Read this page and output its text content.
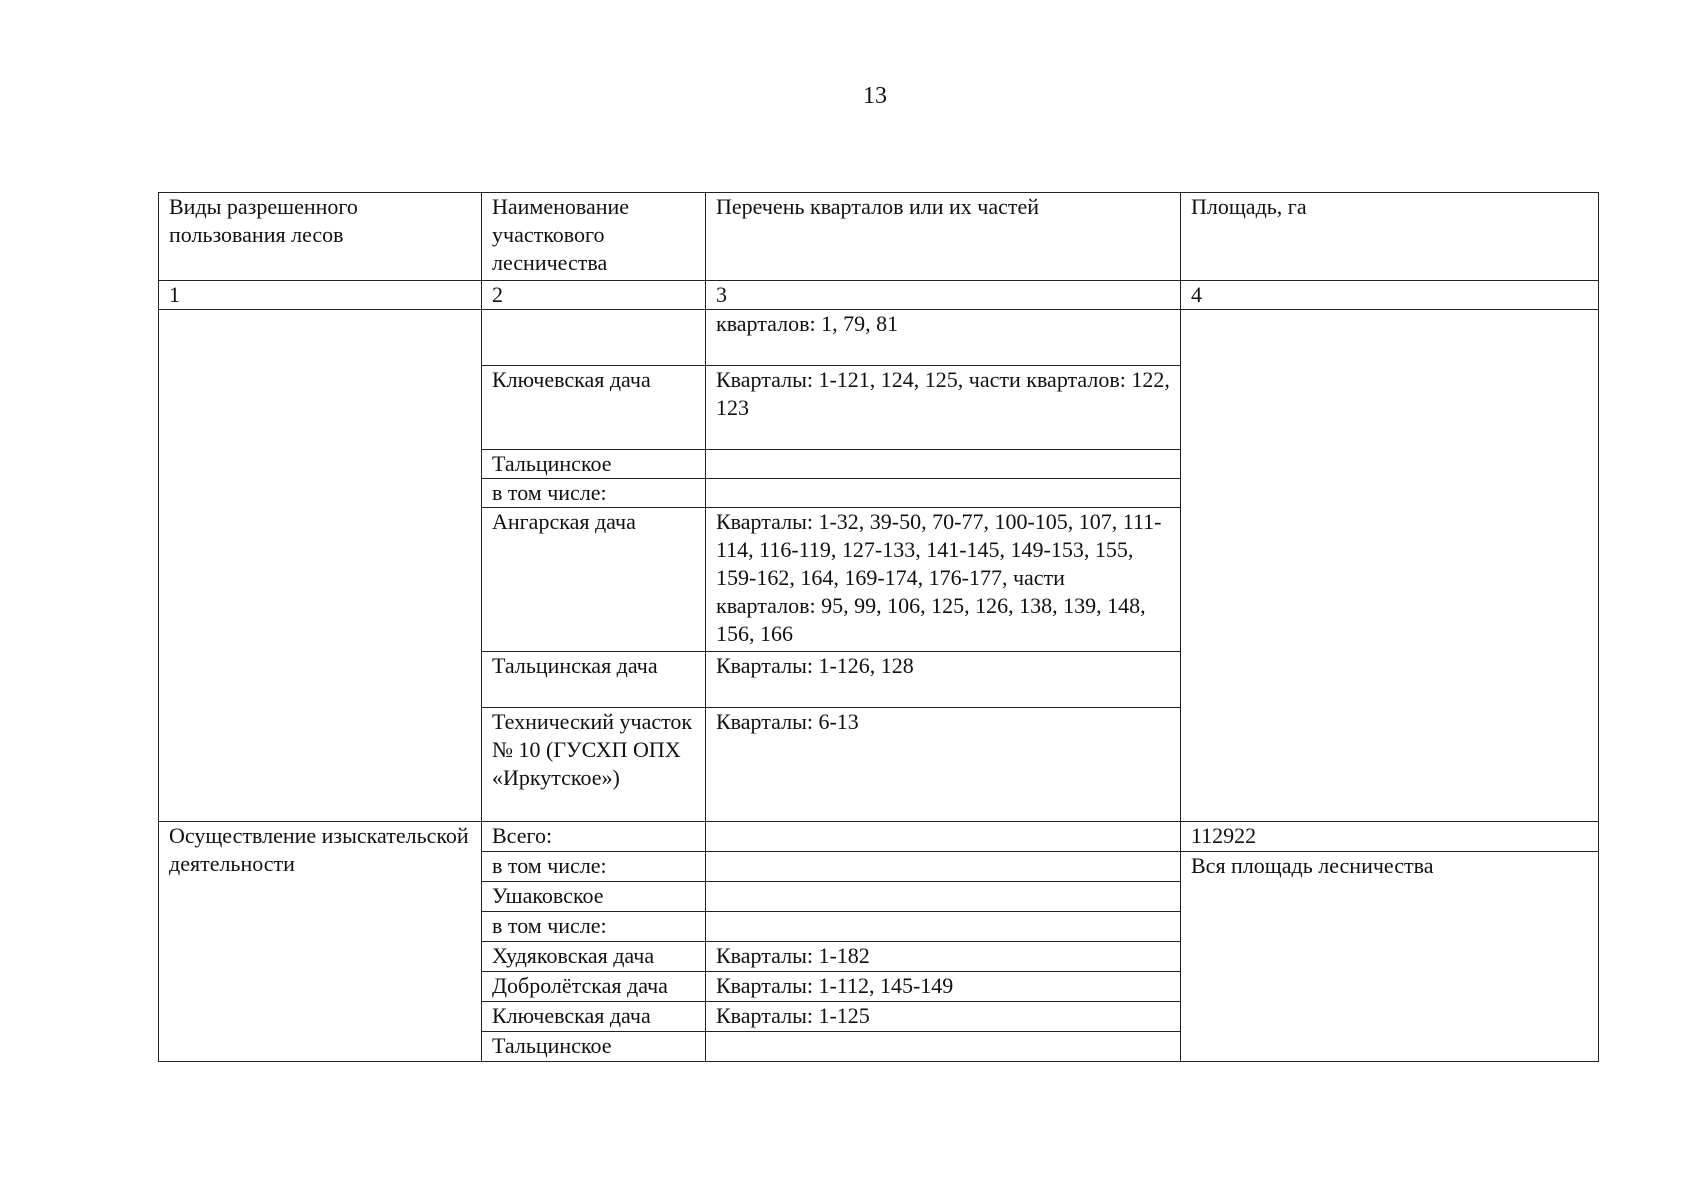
13
Виды разрешенного пользования лесов	Наименование участкового лесничества	Перечень кварталов или их частей	Площадь, га
1	2	3	4
		кварталов: 1, 79, 81	
	Ключевская дача	Кварталы: 1-121, 124, 125, части кварталов: 122, 123	
	Тальцинское		
	в том числе:		
	Ангарская дача	Кварталы: 1-32, 39-50, 70-77, 100-105, 107, 111-114, 116-119, 127-133, 141-145, 149-153, 155, 159-162, 164, 169-174, 176-177, части кварталов: 95, 99, 106, 125, 126, 138, 139, 148, 156, 166	
	Тальцинская дача	Кварталы: 1-126, 128	
	Технический участок № 10 (ГУСХП ОПХ «Иркутское»)	Кварталы: 6-13	
Осуществление изыскательской деятельности	Всего:		112922
	в том числе:		Вся площадь лесничества
	Ушаковское		
	в том числе:		
	Худяковская дача	Кварталы: 1-182	
	Добролётская дача	Кварталы: 1-112, 145-149	
	Ключевская дача	Кварталы: 1-125	
	Тальцинское		
